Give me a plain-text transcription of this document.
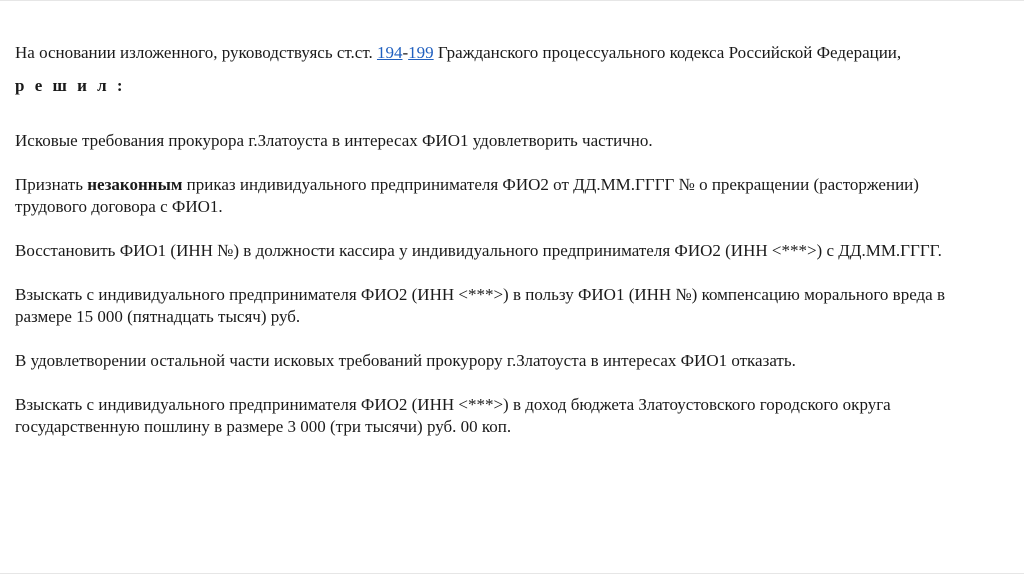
На основании изложенного, руководствуясь ст.ст. 194-199 Гражданского процессуального кодекса Российской Федерации,

р е ш и л :

Исковые требования прокурора г.Златоуста в интересах ФИО1 удовлетворить частично.

Признать незаконным приказ индивидуального предпринимателя ФИО2 от ДД.ММ.ГГГГ № о прекращении (расторжении) трудового договора с ФИО1.

Восстановить ФИО1 (ИНН №) в должности кассира у индивидуального предпринимателя ФИО2 (ИНН <***>) с ДД.ММ.ГГГГ.

Взыскать с индивидуального предпринимателя ФИО2 (ИНН <***>) в пользу ФИО1 (ИНН №) компенсацию морального вреда в размере 15 000 (пятнадцать тысяч) руб.

В удовлетворении остальной части исковых требований прокурору г.Златоуста в интересах ФИО1 отказать.

Взыскать с индивидуального предпринимателя ФИО2 (ИНН <***>) в доход бюджета Златоустовского городского округа государственную пошлину в размере 3 000 (три тысячи) руб. 00 коп.
